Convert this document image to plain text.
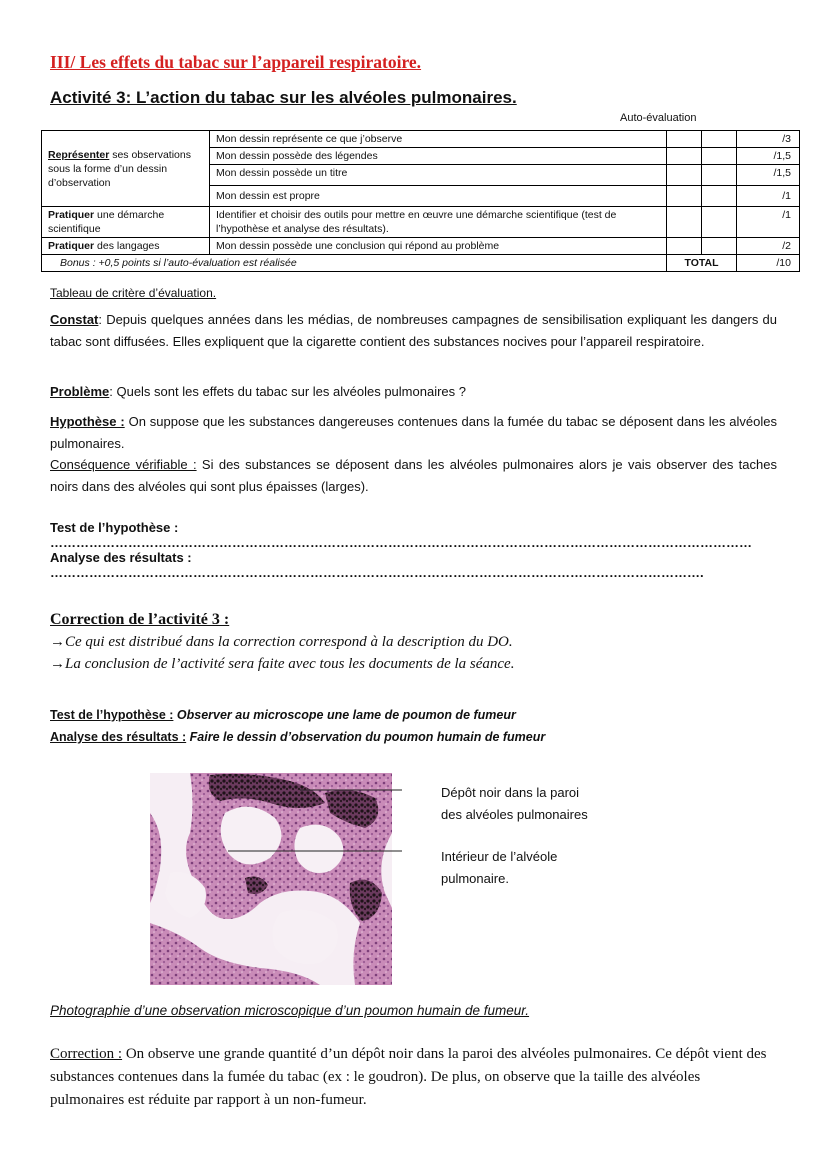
III/ Les effets du tabac sur l’appareil respiratoire.
Activité 3: L’action du tabac sur les alvéoles pulmonaires.
Auto-évaluation
Représenter ses observations sous la forme d’un dessin d’observation	Mon dessin représente ce que j’observe			/3
	Mon dessin possède des légendes			/1,5
	Mon dessin possède un titre			/1,5
	Mon dessin est propre			/1
Pratiquer une démarche scientifique	Identifier et choisir des outils pour mettre en œuvre une démarche scientifique (test de l’hypothèse et analyse des résultats).			/1
Pratiquer des langages	Mon dessin possède une conclusion qui répond au problème			/2
Bonus : +0,5 points si l’auto-évaluation est réalisée		TOTAL		/10
Tableau de critère d’évaluation.
Constat: Depuis quelques années dans les médias, de nombreuses campagnes de sensibilisation expliquant les dangers du tabac sont diffusées. Elles expliquent que la cigarette contient des substances nocives pour l’appareil respiratoire.
Problème: Quels sont les effets du tabac sur les alvéoles pulmonaires ?
Hypothèse : On suppose que les substances dangereuses contenues dans la fumée du tabac se déposent dans les alvéoles pulmonaires.
Conséquence vérifiable : Si des substances se déposent dans les alvéoles pulmonaires alors je vais observer des taches noirs dans des alvéoles qui sont plus épaisses (larges).
Test de l’hypothèse : ………………………………………………………………………………………………………………………………………………
Analyse des résultats : …………………………………………………………………………………………………………………………………….
Correction de l’activité 3 :
→Ce qui est distribué dans la correction correspond à la description du DO.
→La conclusion de l’activité sera faite avec tous les documents de la séance.
Test de l’hypothèse : Observer au microscope une lame de poumon de fumeur
Analyse des résultats : Faire le dessin d’observation du poumon humain de fumeur
Dépôt noir dans la paroi
des alvéoles pulmonaires
Intérieur de l’alvéole
pulmonaire.
Photographie d’une observation microscopique d’un poumon humain de fumeur.
Correction : On observe une grande quantité d’un dépôt noir dans la paroi des alvéoles pulmonaires. Ce dépôt vient des substances contenues dans la fumée du tabac (ex : le goudron). De plus, on observe que la taille des alvéoles pulmonaires est réduite par rapport à un non-fumeur.
